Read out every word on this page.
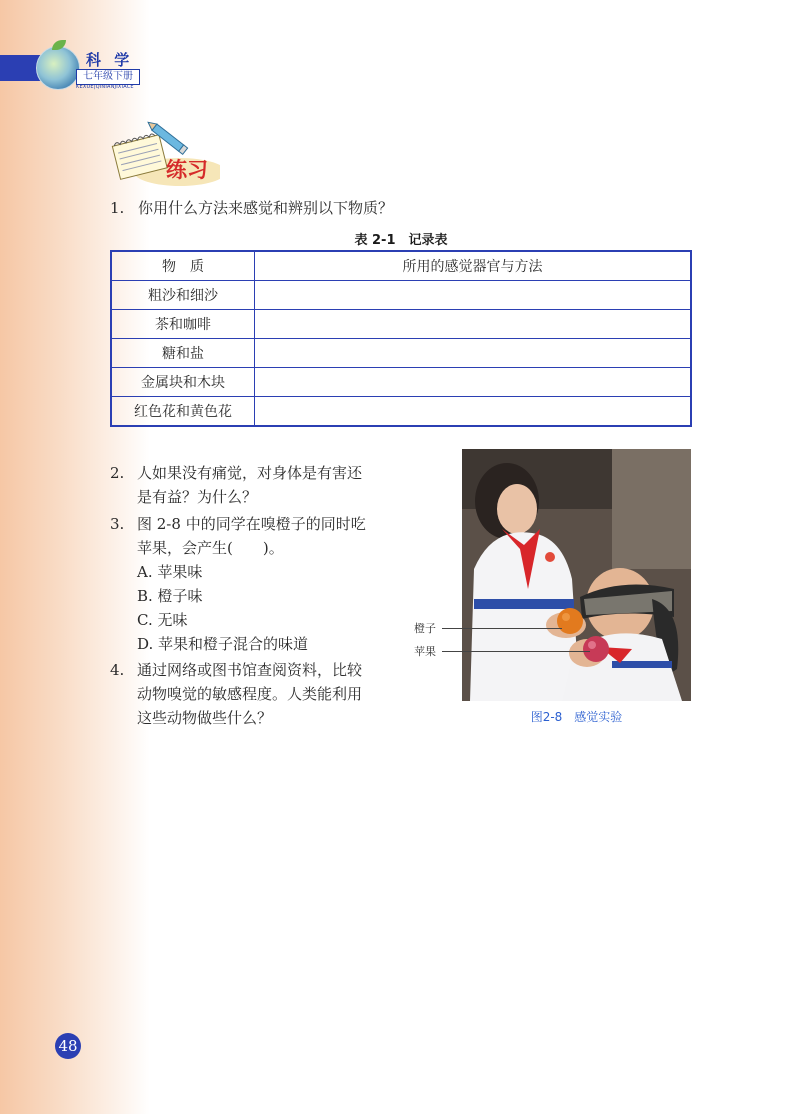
科 学
七年级下册
KEXUE|QINIANJIXIACE
练习
1. 你用什么方法来感觉和辨别以下物质？
表 2-1　记录表
物　质	所用的感觉器官与方法
粗沙和细沙	
茶和咖啡	
糖和盐	
金属块和木块	
红色花和黄色花	
2. 人如果没有痛觉，对身体是有害还
是有益？为什么？
3. 图 2-8 中的同学在嗅橙子的同时吃
苹果，会产生(　　)。
A. 苹果味
B. 橙子味
C. 无味
D. 苹果和橙子混合的味道
4. 通过网络或图书馆查阅资料，比较
动物嗅觉的敏感程度。人类能利用
这些动物做些什么？
橙子
苹果
图2-8　感觉实验
48
